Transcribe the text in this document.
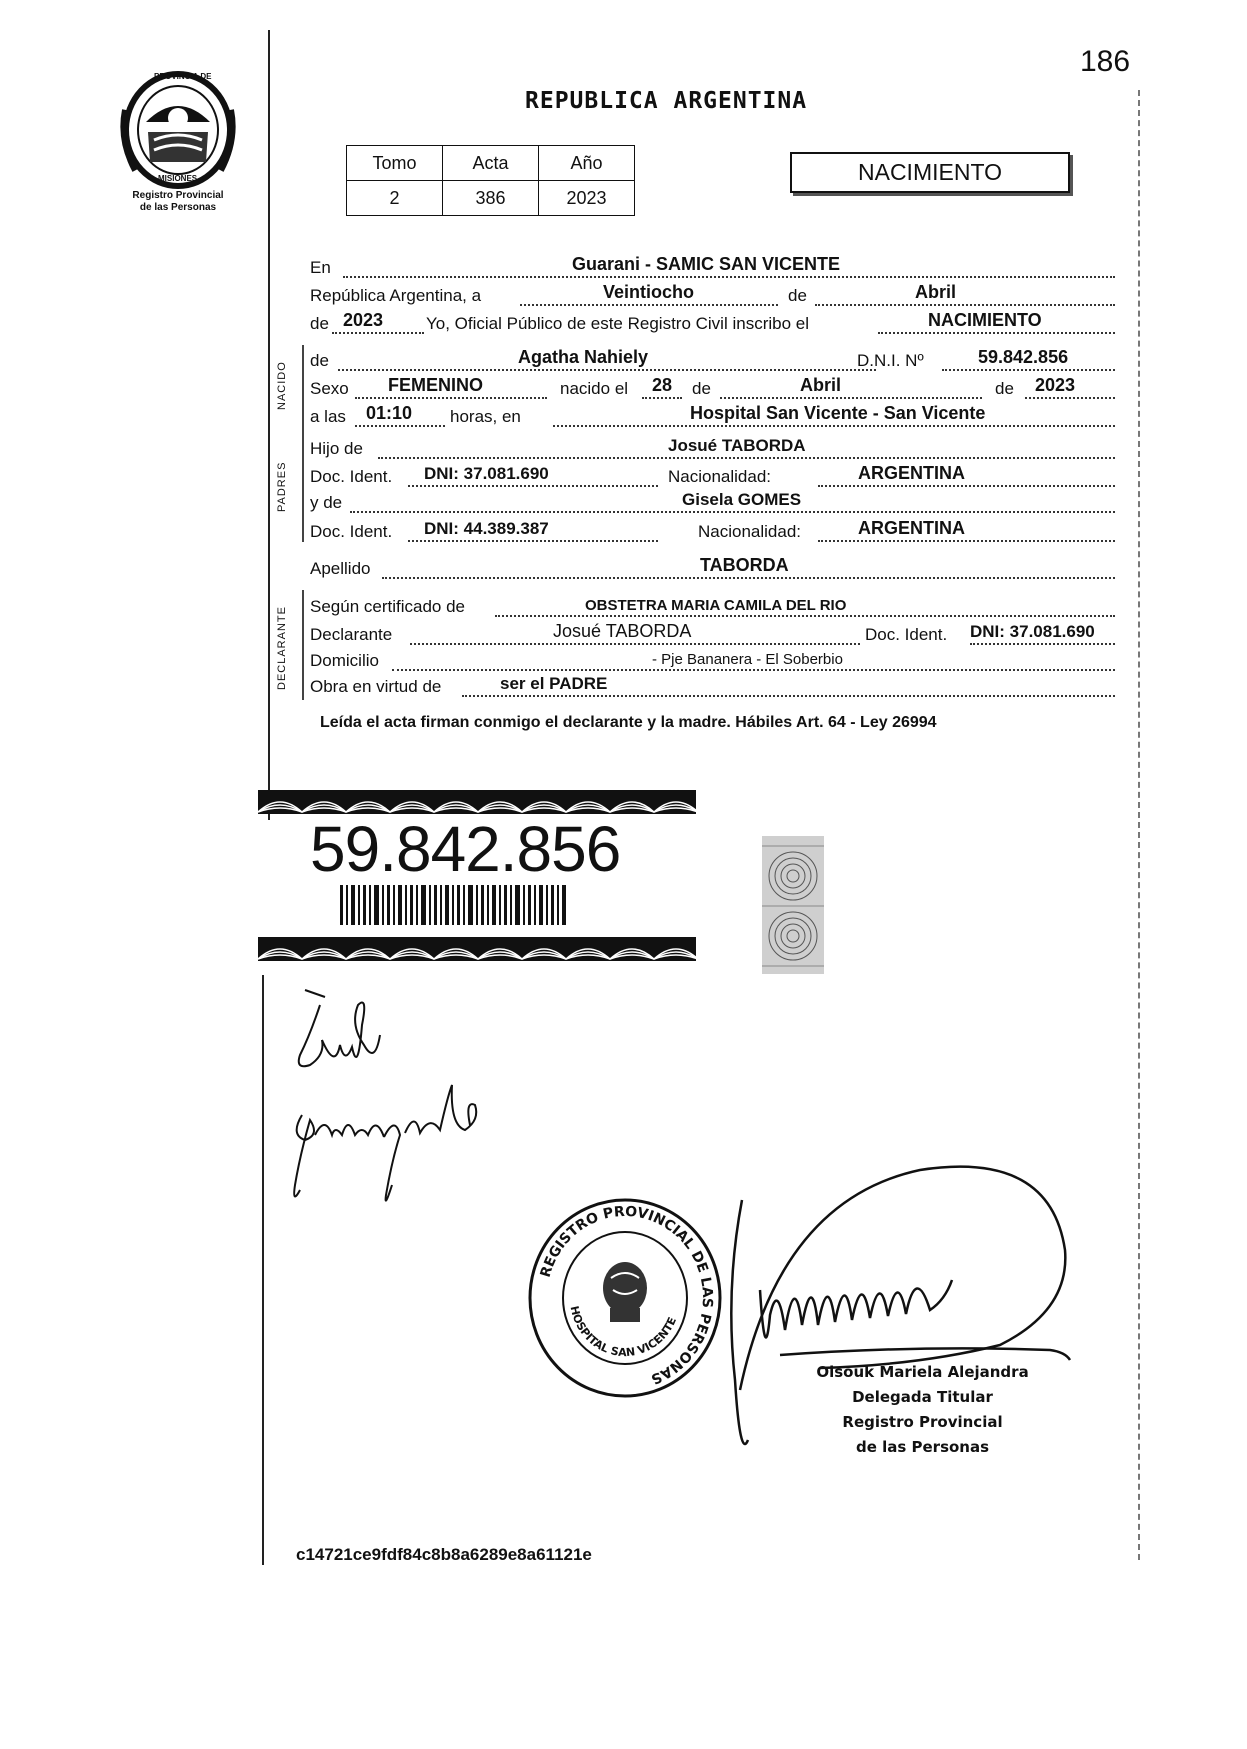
186
REPUBLICA ARGENTINA
PROVINCIA DE
MISIONES
Registro Provincial
de las Personas
Tomo	Acta	Año
2	386	2023
NACIMIENTO
En	Guarani - SAMIC SAN VICENTE
República Argentina, a	Veintiocho	de	Abril
de 2023	Yo, Oficial Público de este Registro Civil inscribo el	NACIMIENTO
NACIDO
de	Agatha Nahiely	D.N.I. Nº	59.842.856
Sexo FEMENINO	nacido el 28 de	Abril	de 2023
a las 01:10 horas, en	Hospital San Vicente - San Vicente
PADRES
Hijo de	Josué TABORDA
Doc. Ident. DNI: 37.081.690	Nacionalidad:	ARGENTINA
y de	Gisela GOMES
Doc. Ident. DNI: 44.389.387	Nacionalidad:	ARGENTINA
Apellido	TABORDA
DECLARANTE Según certificado de	OBSTETRA MARIA CAMILA DEL RIO
Declarante	Josué TABORDA	Doc. Ident. DNI: 37.081.690
Domicilio	- Pje Bananera - El Soberbio
Obra en virtud de	ser el PADRE
Leída el acta firman conmigo el declarante y la madre. Hábiles Art. 64 - Ley 26994
59.842.856
REGISTRO PROVINCIAL DE LAS PERSONAS
HOSPITAL SAN VICENTE
Olsouk Mariela Alejandra
Delegada Titular
Registro Provincial
de las Personas
c14721ce9fdf84c8b8a6289e8a61121e
